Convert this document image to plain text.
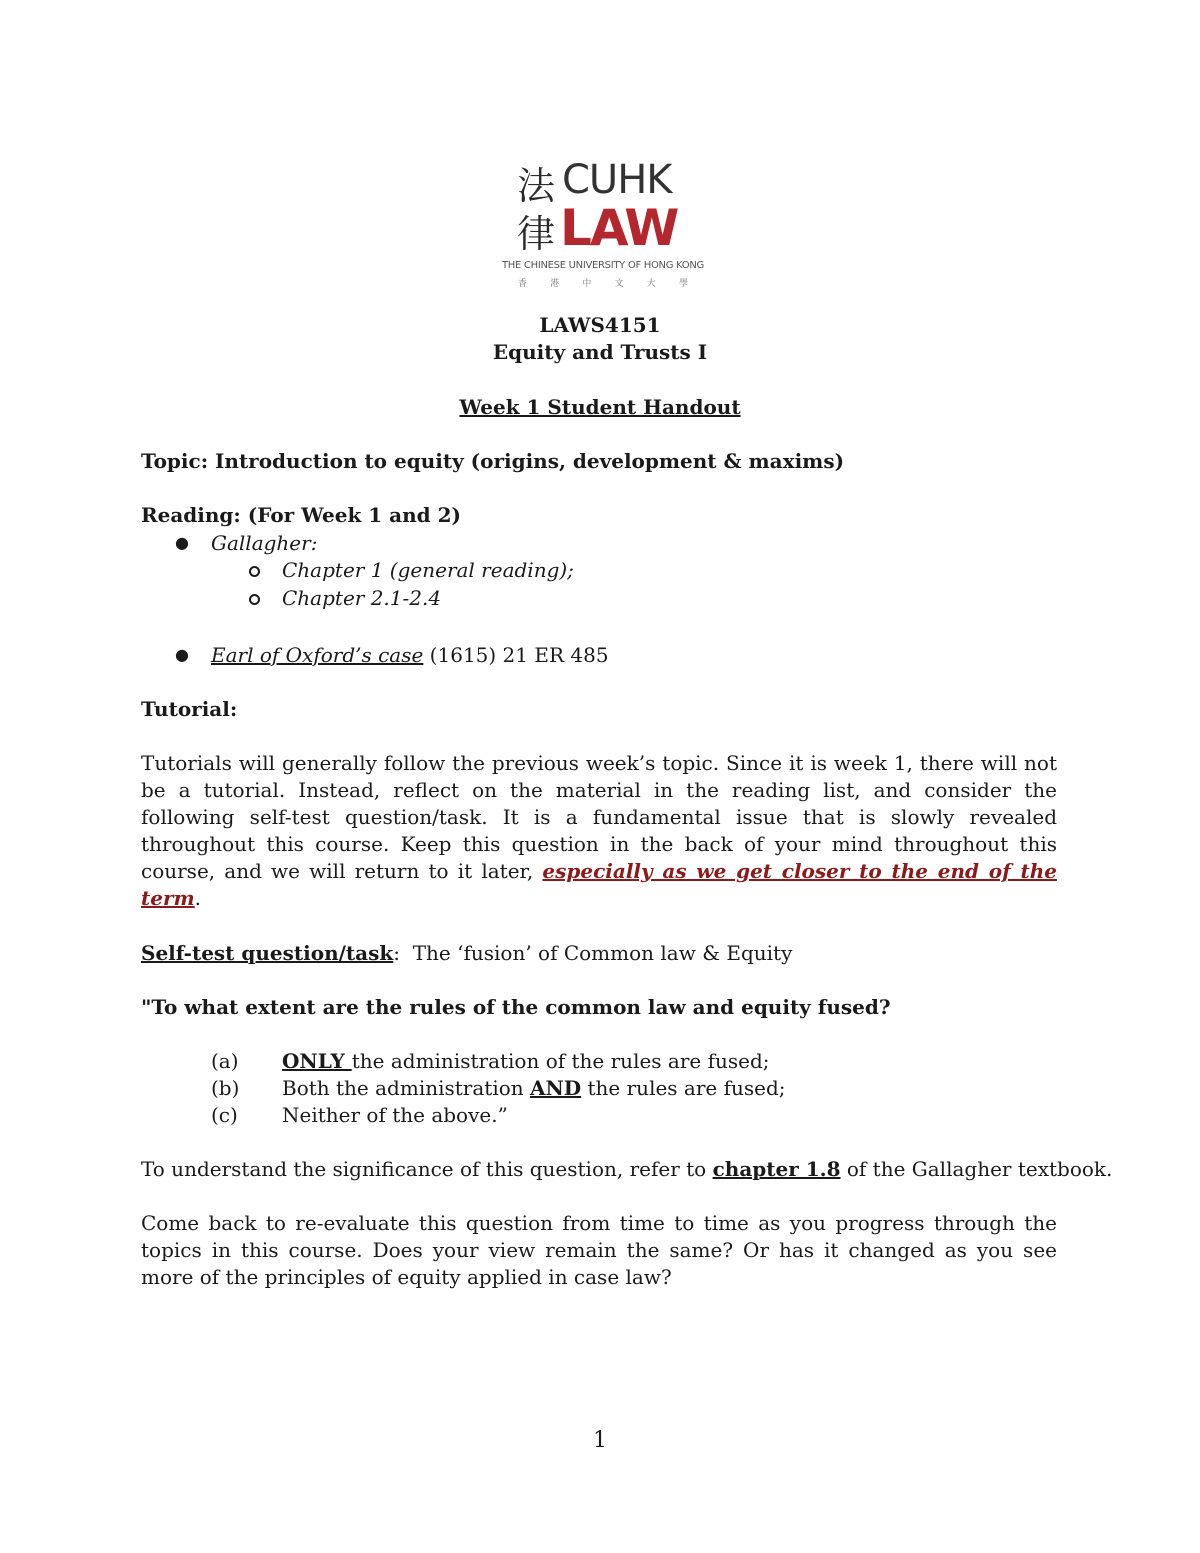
法
律
CUHK
LAW
THE CHINESE UNIVERSITY OF HONG KONG
香	港	中	文	大	學
LAWS4151
Equity and Trusts I
Week 1 Student Handout
Topic: Introduction to equity (origins, development & maxims)
Reading: (For Week 1 and 2)
● Gallagher:
Chapter 1 (general reading);
Chapter 2.1-2.4
● Earl of Oxford’s case (1615) 21 ER 485
Tutorial:
Tutorials will generally follow the previous week’s topic. Since it is week 1, there will not be a tutorial. Instead, reflect on the material in the reading list, and consider the following self-test question/task. It is a fundamental issue that is slowly revealed throughout this course. Keep this question in the back of your mind throughout this course, and we will return to it later, especially as we get closer to the end of the term.
Self-test question/task:  The ‘fusion’ of Common law & Equity
"To what extent are the rules of the common law and equity fused?
(a) ONLY the administration of the rules are fused;
(b) Both the administration AND the rules are fused;
(c) Neither of the above.”
To understand the significance of this question, refer to chapter 1.8 of the Gallagher textbook.
Come back to re-evaluate this question from time to time as you progress through the topics in this course. Does your view remain the same? Or has it changed as you see more of the principles of equity applied in case law?
1
